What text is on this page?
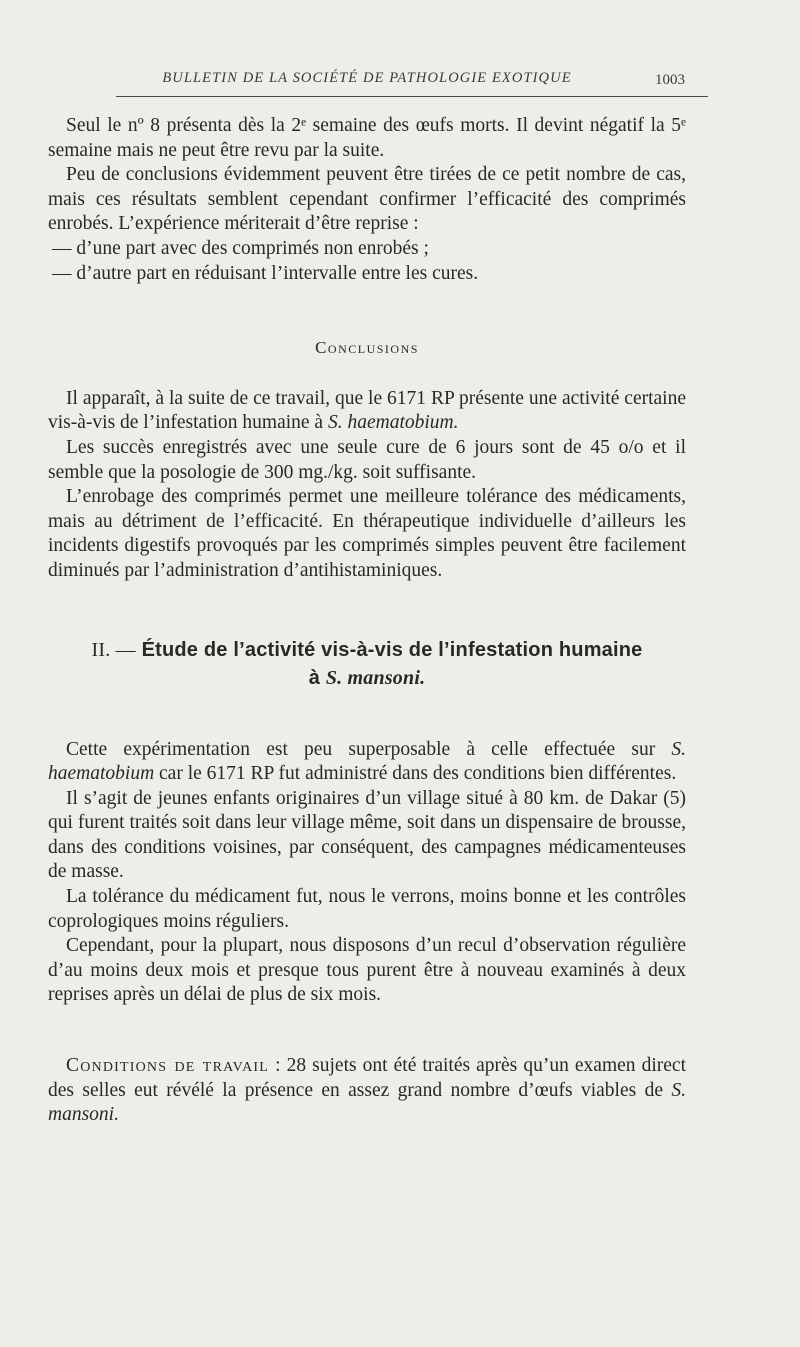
BULLETIN DE LA SOCIÉTÉ DE PATHOLOGIE EXOTIQUE	1003

Seul le nº 8 présenta dès la 2ᵉ semaine des œufs morts. Il devint négatif la 5ᵉ semaine mais ne peut être revu par la suite.

Peu de conclusions évidemment peuvent être tirées de ce petit nombre de cas, mais ces résultats semblent cependant confirmer l’efficacité des comprimés enrobés. L’expérience mériterait d’être reprise :

— d’une part avec des comprimés non enrobés ;

— d’autre part en réduisant l’intervalle entre les cures.

Conclusions

Il apparaît, à la suite de ce travail, que le 6171 RP présente une activité certaine vis-à-vis de l’infestation humaine à S. haematobium.

Les succès enregistrés avec une seule cure de 6 jours sont de 45 o/o et il semble que la posologie de 300 mg./kg. soit suffisante.

L’enrobage des comprimés permet une meilleure tolérance des médicaments, mais au détriment de l’efficacité. En thérapeutique individuelle d’ailleurs les incidents digestifs provoqués par les comprimés simples peuvent être facilement diminués par l’administration d’antihistaminiques.

II. — Étude de l’activité vis-à-vis de l’infestation humaine
à S. mansoni.

Cette expérimentation est peu superposable à celle effectuée sur S. haematobium car le 6171 RP fut administré dans des conditions bien différentes.

Il s’agit de jeunes enfants originaires d’un village situé à 80 km. de Dakar (5) qui furent traités soit dans leur village même, soit dans un dispensaire de brousse, dans des conditions voisines, par conséquent, des campagnes médicamenteuses de masse.

La tolérance du médicament fut, nous le verrons, moins bonne et les contrôles coprologiques moins réguliers.

Cependant, pour la plupart, nous disposons d’un recul d’observation régulière d’au moins deux mois et presque tous purent être à nouveau examinés à deux reprises après un délai de plus de six mois.

Conditions de travail : 28 sujets ont été traités après qu’un examen direct des selles eut révélé la présence en assez grand nombre d’œufs viables de S. mansoni.
